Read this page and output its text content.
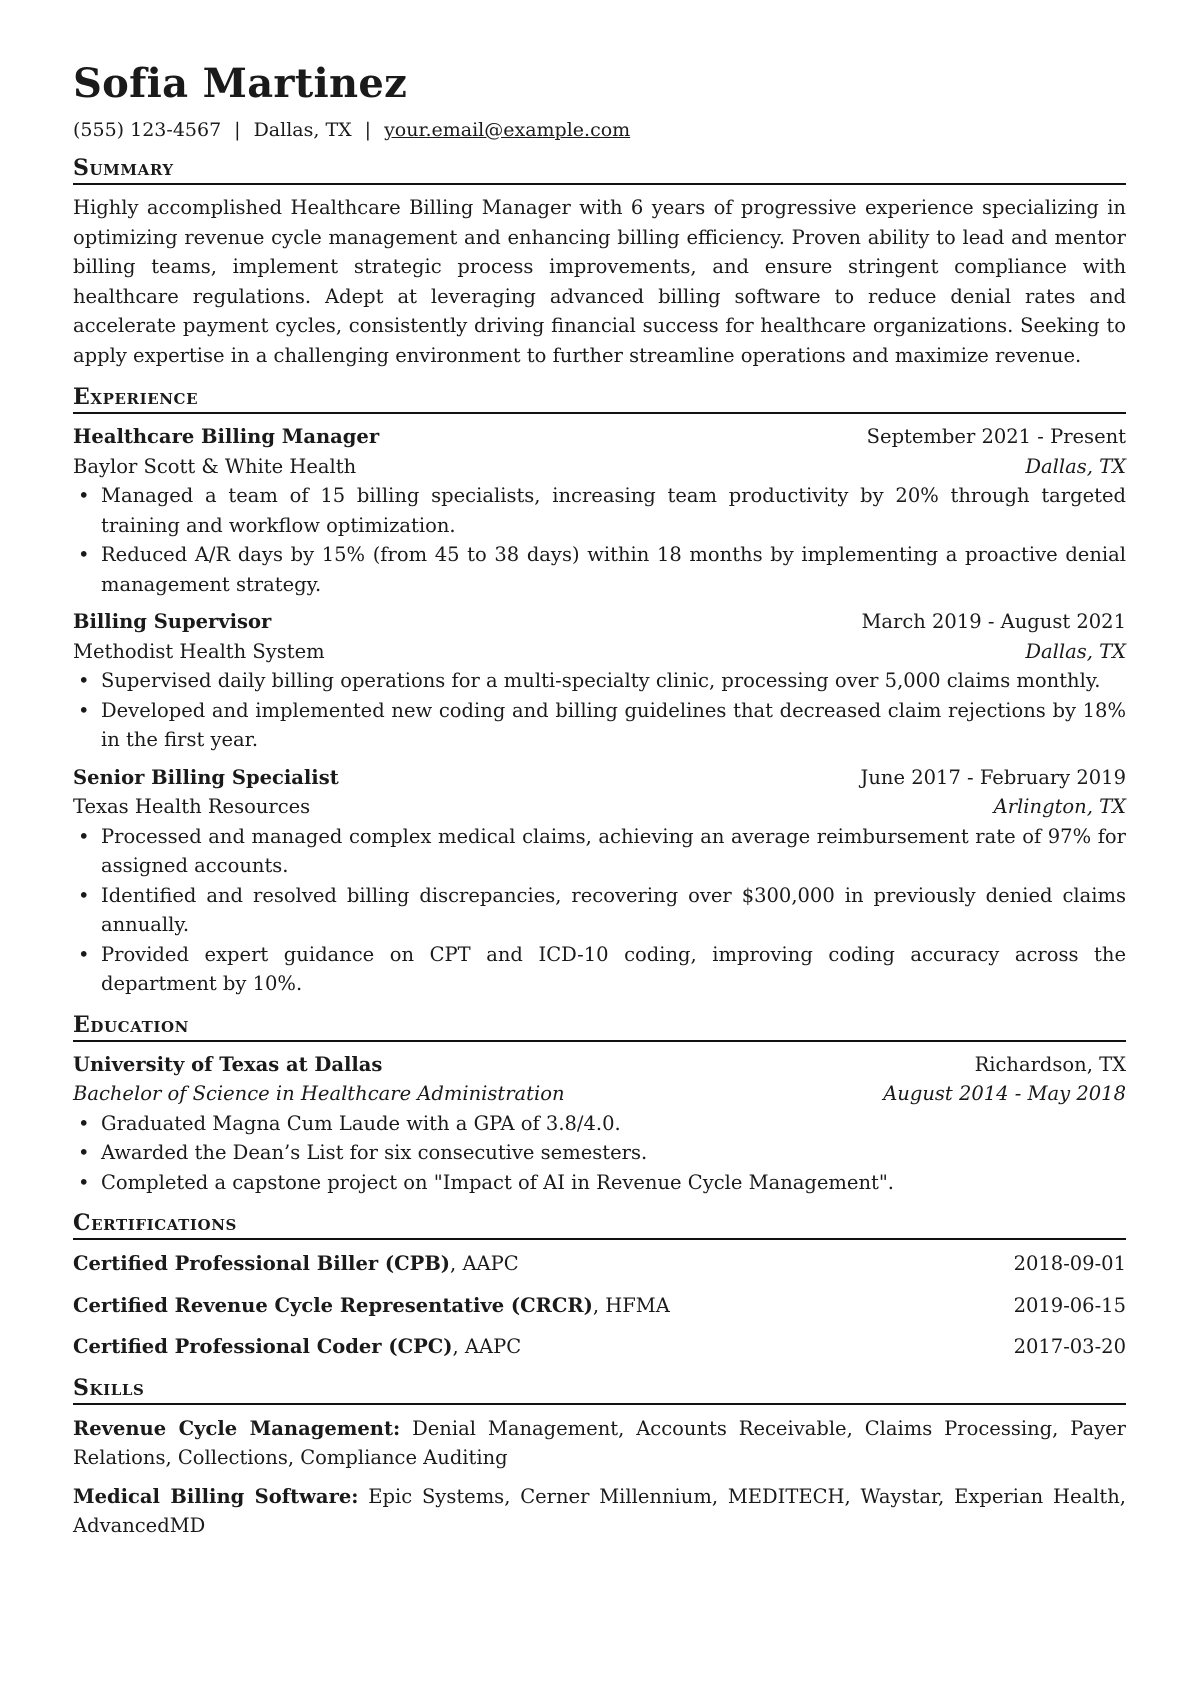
Sofia Martinez
(555) 123-4567 | Dallas, TX | your.email@example.com
Summary
Highly accomplished Healthcare Billing Manager with 6 years of progressive experience specializing in optimizing revenue cycle management and enhancing billing efficiency. Proven ability to lead and mentor billing teams, implement strategic process improvements, and ensure stringent compliance with healthcare regulations. Adept at leveraging advanced billing software to reduce denial rates and accelerate payment cycles, consistently driving financial success for healthcare organizations. Seeking to apply expertise in a challenging environment to further streamline operations and maximize revenue.
Experience
Healthcare Billing Manager	September 2021 - Present
Baylor Scott & White Health	Dallas, TX
• Managed a team of 15 billing specialists, increasing team productivity by 20% through targeted training and workflow optimization.
• Reduced A/R days by 15% (from 45 to 38 days) within 18 months by implementing a proactive denial management strategy.
Billing Supervisor	March 2019 - August 2021
Methodist Health System	Dallas, TX
• Supervised daily billing operations for a multi-specialty clinic, processing over 5,000 claims monthly.
• Developed and implemented new coding and billing guidelines that decreased claim rejections by 18% in the first year.
Senior Billing Specialist	June 2017 - February 2019
Texas Health Resources	Arlington, TX
• Processed and managed complex medical claims, achieving an average reimbursement rate of 97% for assigned accounts.
• Identified and resolved billing discrepancies, recovering over $300,000 in previously denied claims annually.
• Provided expert guidance on CPT and ICD-10 coding, improving coding accuracy across the department by 10%.
Education
University of Texas at Dallas	Richardson, TX
Bachelor of Science in Healthcare Administration	August 2014 - May 2018
• Graduated Magna Cum Laude with a GPA of 3.8/4.0.
• Awarded the Dean’s List for six consecutive semesters.
• Completed a capstone project on "Impact of AI in Revenue Cycle Management".
Certifications
Certified Professional Biller (CPB), AAPC	2018-09-01
Certified Revenue Cycle Representative (CRCR), HFMA	2019-06-15
Certified Professional Coder (CPC), AAPC	2017-03-20
Skills
Revenue Cycle Management: Denial Management, Accounts Receivable, Claims Processing, Payer Relations, Collections, Compliance Auditing
Medical Billing Software: Epic Systems, Cerner Millennium, MEDITECH, Waystar, Experian Health, AdvancedMD
